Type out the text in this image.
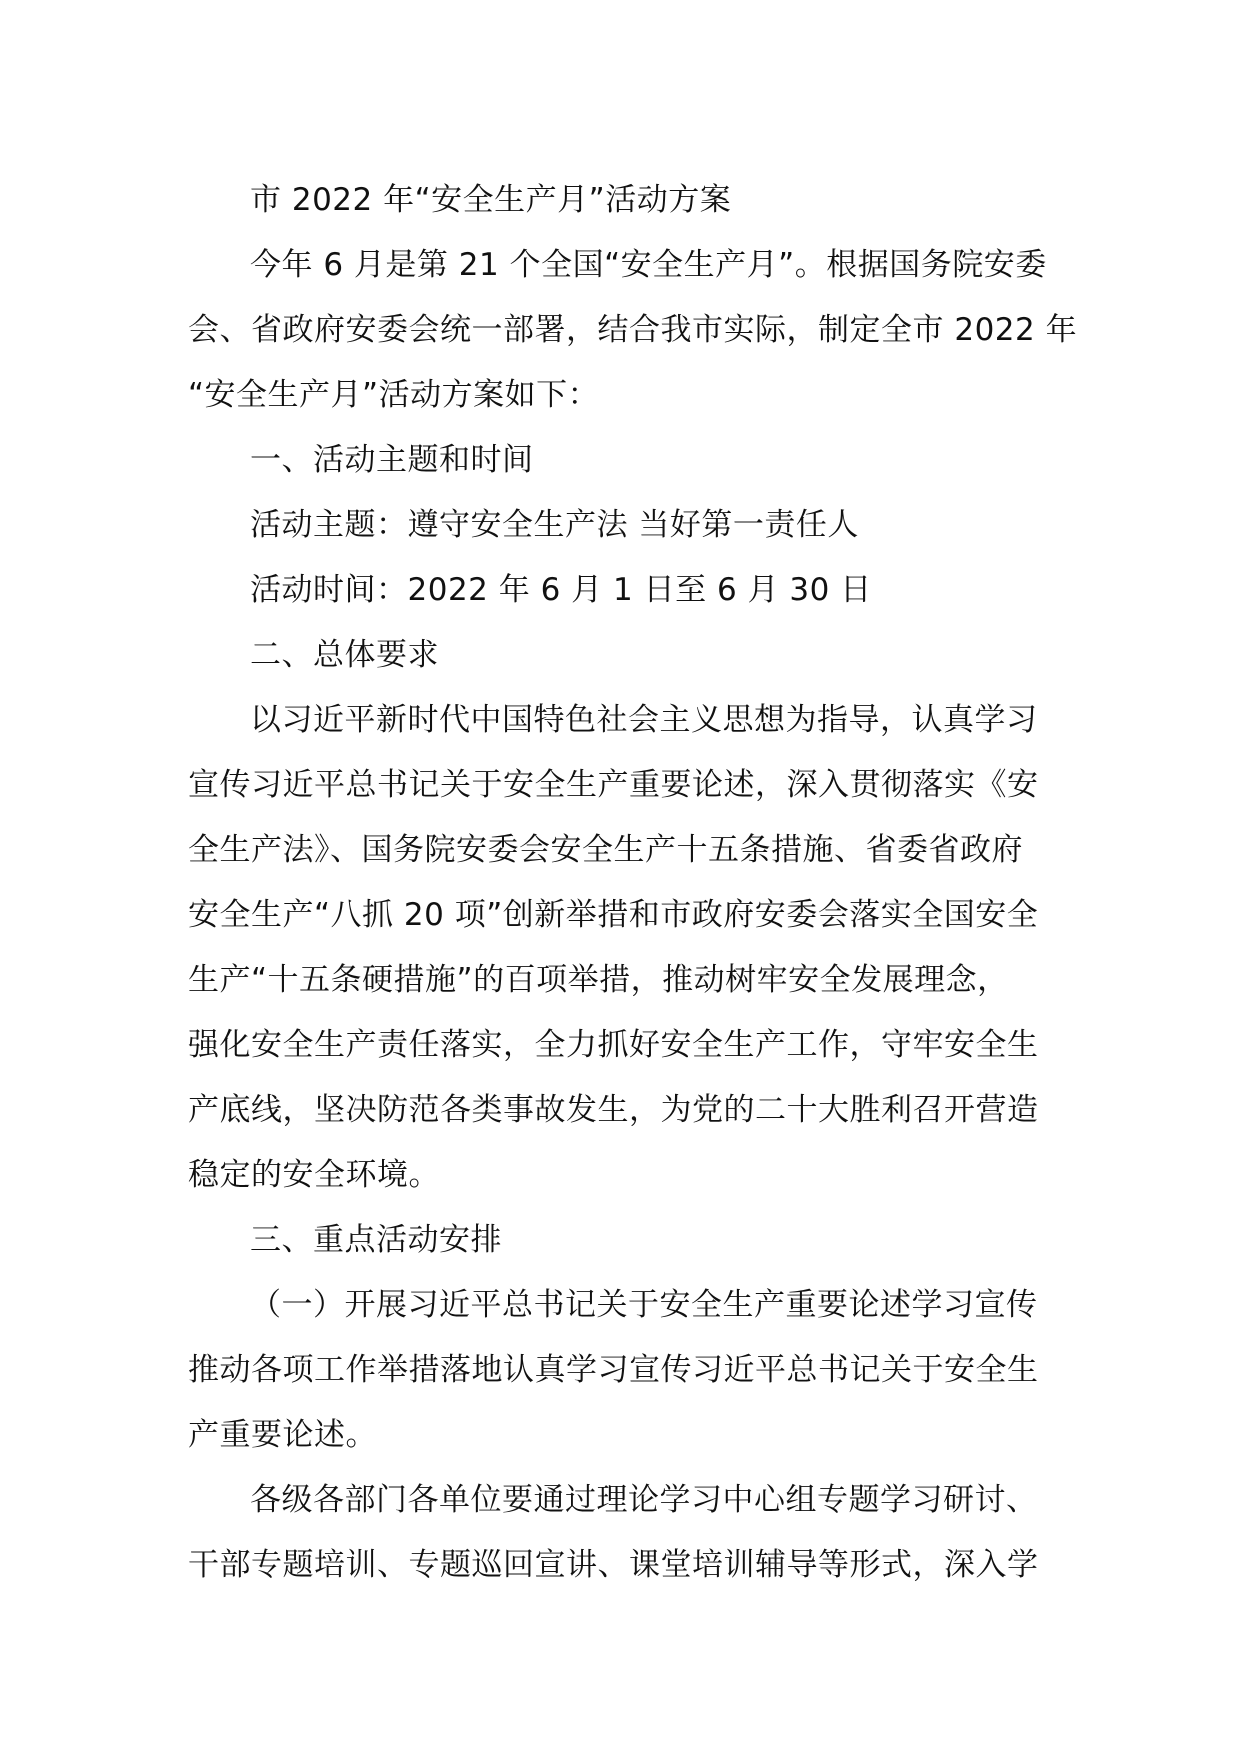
市 2022 年“安全生产月”活动方案
今年 6 月是第 21 个全国“安全生产月”。根据国务院安委
会、省政府安委会统一部署，结合我市实际，制定全市 2022 年
“安全生产月”活动方案如下：
一、活动主题和时间
活动主题：遵守安全生产法 当好第一责任人
活动时间：2022 年 6 月 1 日至 6 月 30 日
二、总体要求
以习近平新时代中国特色社会主义思想为指导，认真学习
宣传习近平总书记关于安全生产重要论述，深入贯彻落实《安
全生产法》、国务院安委会安全生产十五条措施、省委省政府
安全生产“八抓 20 项”创新举措和市政府安委会落实全国安全
生产“十五条硬措施”的百项举措，推动树牢安全发展理念，
强化安全生产责任落实，全力抓好安全生产工作，守牢安全生
产底线，坚决防范各类事故发生，为党的二十大胜利召开营造
稳定的安全环境。
三、重点活动安排
（一）开展习近平总书记关于安全生产重要论述学习宣传
推动各项工作举措落地认真学习宣传习近平总书记关于安全生
产重要论述。
各级各部门各单位要通过理论学习中心组专题学习研讨、
干部专题培训、专题巡回宣讲、课堂培训辅导等形式，深入学
